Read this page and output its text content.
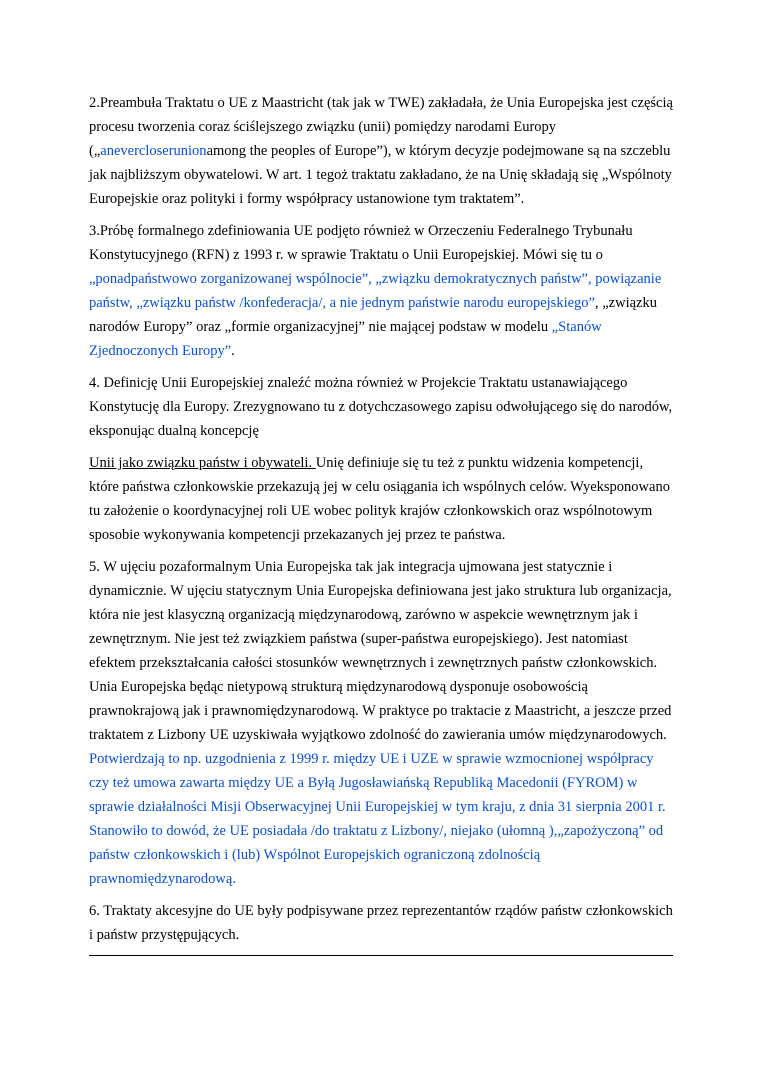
2.Preambuła Traktatu o UE z Maastricht (tak jak w TWE) zakładała, że Unia Europejska jest częścią procesu tworzenia coraz ściślejszego związku (unii) pomiędzy narodami Europy
(„anevercloserunionamong the peoples of Europe”), w którym decyzje podejmowane są na szczeblu jak najbliższym obywatelowi. W art. 1 tegoż traktatu zakładano, że na Unię składają się „Wspólnoty Europejskie oraz polityki i formy współpracy ustanowione tym traktatem”.

3.Próbę formalnego zdefiniowania UE podjęto również w Orzeczeniu Federalnego Trybunału Konstytucyjnego (RFN) z 1993 r. w sprawie Traktatu o Unii Europejskiej. Mówi się tu o „ponadpaństwowo zorganizowanej wspólnocie”, „związku demokratycznych państw”, powiązanie państw, „związku państw /konfederacja/, a nie jednym państwie narodu europejskiego”, „związku narodów Europy” oraz „formie organizacyjnej” nie mającej podstaw w modelu „Stanów Zjednoczonych Europy”.

4. Definicję Unii Europejskiej znaleźć można również w Projekcie Traktatu ustanawiającego Konstytucję dla Europy. Zrezygnowano tu z dotychczasowego zapisu odwołującego się do narodów, eksponując dualną koncepcję

Unii jako związku państw i obywateli. Unię definiuje się tu też z punktu widzenia kompetencji, które państwa członkowskie przekazują jej w celu osiągania ich wspólnych celów. Wyeksponowano tu założenie o koordynacyjnej roli UE wobec polityk krajów członkowskich oraz wspólnotowym sposobie wykonywania kompetencji przekazanych jej przez te państwa.

5. W ujęciu pozaformalnym Unia Europejska tak jak integracja ujmowana jest statycznie i dynamicznie. W ujęciu statycznym Unia Europejska definiowana jest jako struktura lub organizacja, która nie jest klasyczną organizacją międzynarodową, zarówno w aspekcie wewnętrznym jak i zewnętrznym. Nie jest też związkiem państwa (super-państwa europejskiego). Jest natomiast efektem przekształcania całości stosunków wewnętrznych i zewnętrznych państw członkowskich. Unia Europejska będąc nietypową strukturą międzynarodową dysponuje osobowością prawnokrajową jak i prawnomiędzynarodową. W praktyce po traktacie z Maastricht, a jeszcze przed traktatem z Lizbony UE uzyskiwała wyjątkowo zdolność do zawierania umów międzynarodowych. Potwierdzają to np. uzgodnienia z 1999 r. między UE i UZE w sprawie wzmocnionej współpracy czy też umowa zawarta między UE a Byłą Jugosławiańską Republiką Macedonii (FYROM) w sprawie działalności Misji Obserwacyjnej Unii Europejskiej w tym kraju, z dnia 31 sierpnia 2001 r. Stanowiło to dowód, że UE posiadała /do traktatu z Lizbony/, niejako (ułomną ),„zapożyczoną” od państw członkowskich i (lub) Wspólnot Europejskich ograniczoną zdolnością prawnomiędzynarodową.

6. Traktaty akcesyjne do UE były podpisywane przez reprezentantów rządów państw członkowskich i państw przystępujących.
